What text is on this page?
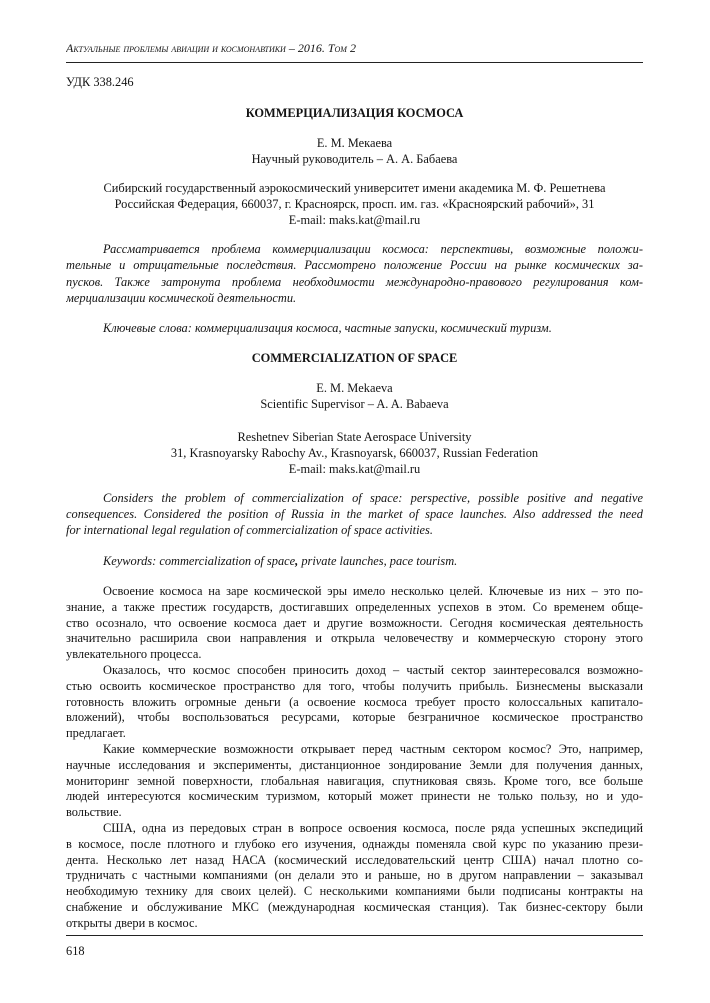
Актуальные проблемы авиации и космонавтики – 2016. Том 2
УДК 338.246
КОММЕРЦИАЛИЗАЦИЯ КОСМОСА
Е. М. Мекаева
Научный руководитель – А. А. Бабаева
Сибирский государственный аэрокосмический университет имени академика М. Ф. Решетнева
Российская Федерация, 660037, г. Красноярск, просп. им. газ. «Красноярский рабочий», 31
E-mail: maks.kat@mail.ru
Рассматривается проблема коммерциализации космоса: перспективы, возможные положи-
тельные и отрицательные последствия. Рассмотрено положение России на рынке космических за-
пусков. Также затронута проблема необходимости международно-правового регулирования ком-
мерциализации космической деятельности.
Ключевые слова: коммерциализация космоса, частные запуски, космический туризм.
COMMERCIALIZATION OF SPACE
E. M. Mekaeva
Scientific Supervisor – A. A. Babaeva
Reshetnev Siberian State Aerospace University
31, Krasnoyarsky Rabochy Av., Krasnoyarsk, 660037, Russian Federation
E-mail: maks.kat@mail.ru
Considers the problem of commercialization of space: perspective, possible positive and negative
consequences. Considered the position of Russia in the market of space launches. Also addressed the need
for international legal regulation of commercialization of space activities.
Keywords: commercialization of space, private launches, pace tourism.
Освоение космоса на заре космической эры имело несколько целей. Ключевые из них – это по-
знание, а также престиж государств, достигавших определенных успехов в этом. Со временем обще-
ство осознало, что освоение космоса дает и другие возможности. Сегодня космическая деятельность
значительно расширила свои направления и открыла человечеству и коммерческую сторону этого
увлекательного процесса.
Оказалось, что космос способен приносить доход – частый сектор заинтересовался возможно-
стью освоить космическое пространство для того, чтобы получить прибыль. Бизнесмены высказали
готовность вложить огромные деньги (а освоение космоса требует просто колоссальных капитало-
вложений), чтобы воспользоваться ресурсами, которые безграничное космическое пространство
предлагает.
Какие коммерческие возможности открывает перед частным сектором космос? Это, например,
научные исследования и эксперименты, дистанционное зондирование Земли для получения данных,
мониторинг земной поверхности, глобальная навигация, спутниковая связь. Кроме того, все больше
людей интересуются космическим туризмом, который может принести не только пользу, но и удо-
вольствие.
США, одна из передовых стран в вопросе освоения космоса, после ряда успешных экспедиций
в космосе, после плотного и глубоко его изучения, однажды поменяла свой курс по указанию прези-
дента. Несколько лет назад НАСА (космический исследовательский центр США) начал плотно со-
трудничать с частными компаниями (он делали это и раньше, но в другом направлении – заказывал
необходимую технику для своих целей). С несколькими компаниями были подписаны контракты на
снабжение и обслуживание МКС (международная космическая станция). Так бизнес-сектору были
открыты двери в космос.
618
